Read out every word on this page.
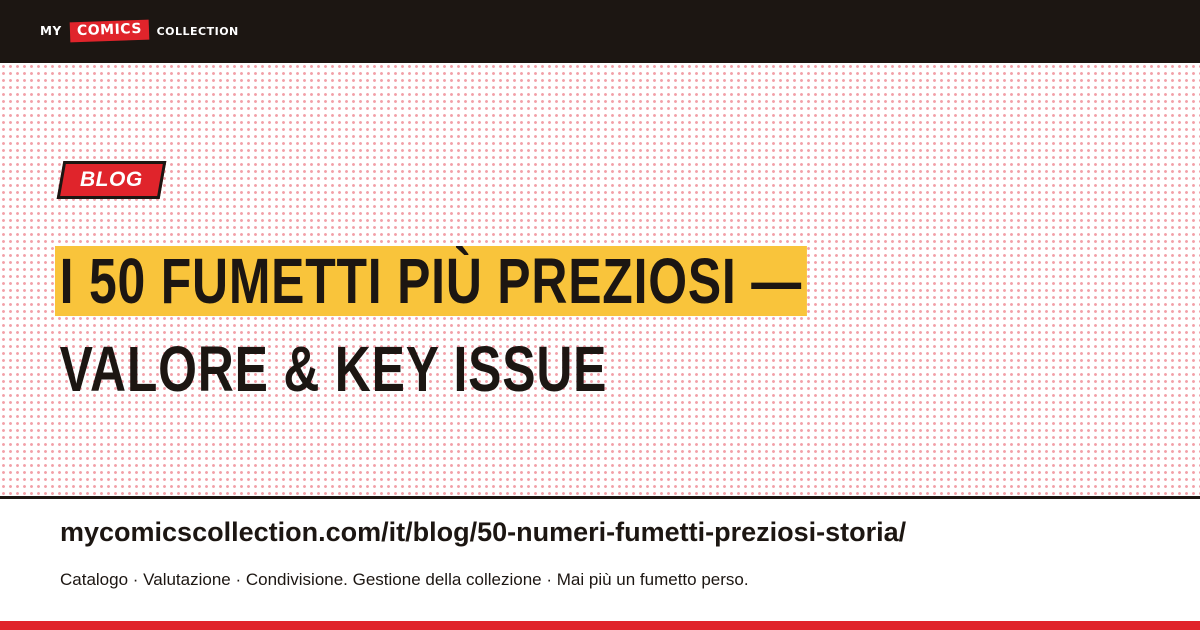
MY	COMICS	COLLECTION
BLOG
I 50 FUMETTI PIÙ PREZIOSI —
VALORE & KEY ISSUE
mycomicscollection.com/it/blog/50-numeri-fumetti-preziosi-storia/
Catalogo · Valutazione · Condivisione. Gestione della collezione · Mai più un fumetto perso.
